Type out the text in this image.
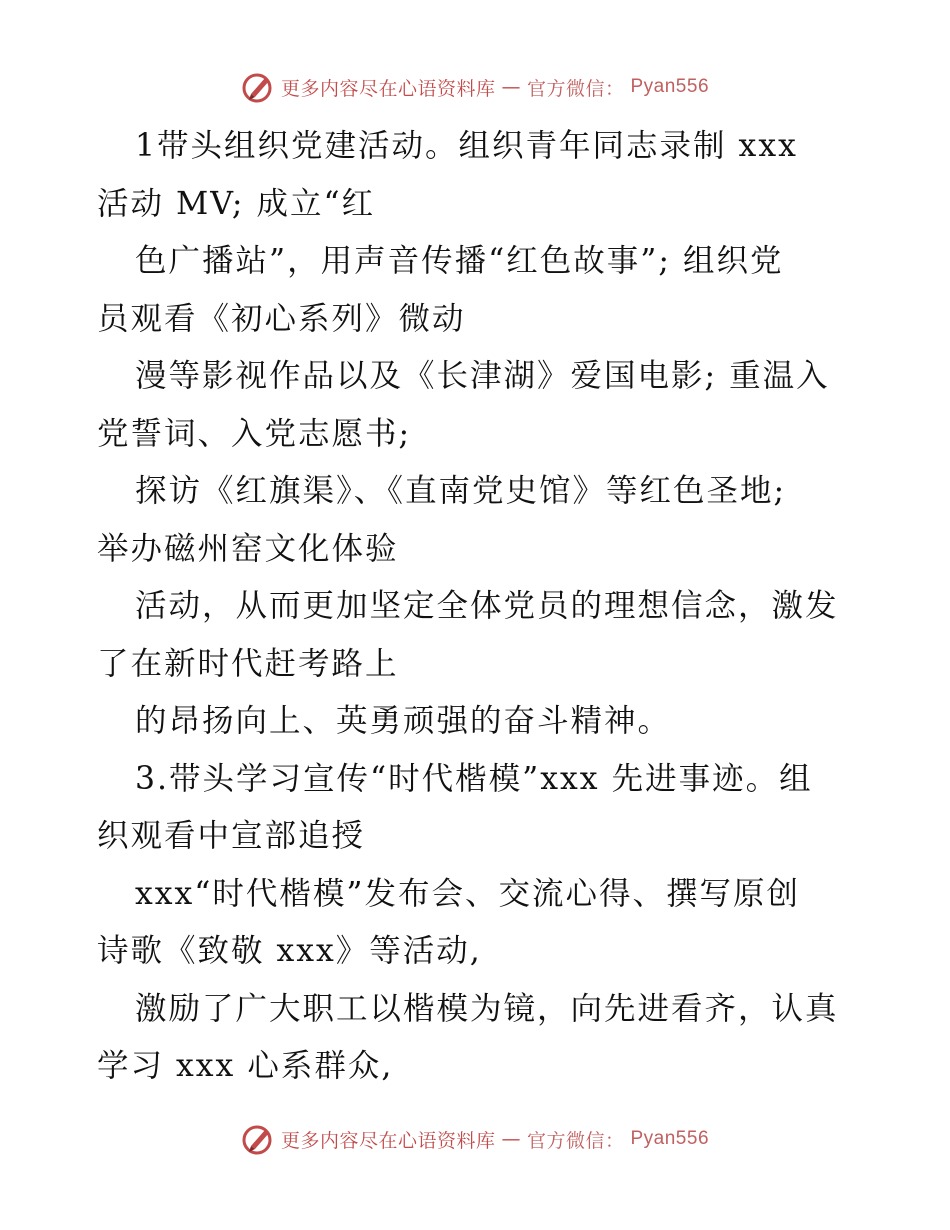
更多内容尽在心语资料库 — 官方微信： Pyan556
1带头组织党建活动。组织青年同志录制 xxx
活动 MV; 成立“红
色广播站”，用声音传播“红色故事”; 组织党
员观看《初心系列》微动
漫等影视作品以及《长津湖》爱国电影; 重温入
党誓词、入党志愿书;
探访《红旗渠》、《直南党史馆》等红色圣地;
举办磁州窑文化体验
活动，从而更加坚定全体党员的理想信念，激发
了在新时代赶考路上
的昂扬向上、英勇顽强的奋斗精神。
3.带头学习宣传“时代楷模”xxx 先进事迹。组
织观看中宣部追授
xxx“时代楷模”发布会、交流心得、撰写原创
诗歌《致敬 xxx》等活动,
激励了广大职工以楷模为镜，向先进看齐，认真
学习 xxx 心系群众,
更多内容尽在心语资料库 — 官方微信： Pyan556
